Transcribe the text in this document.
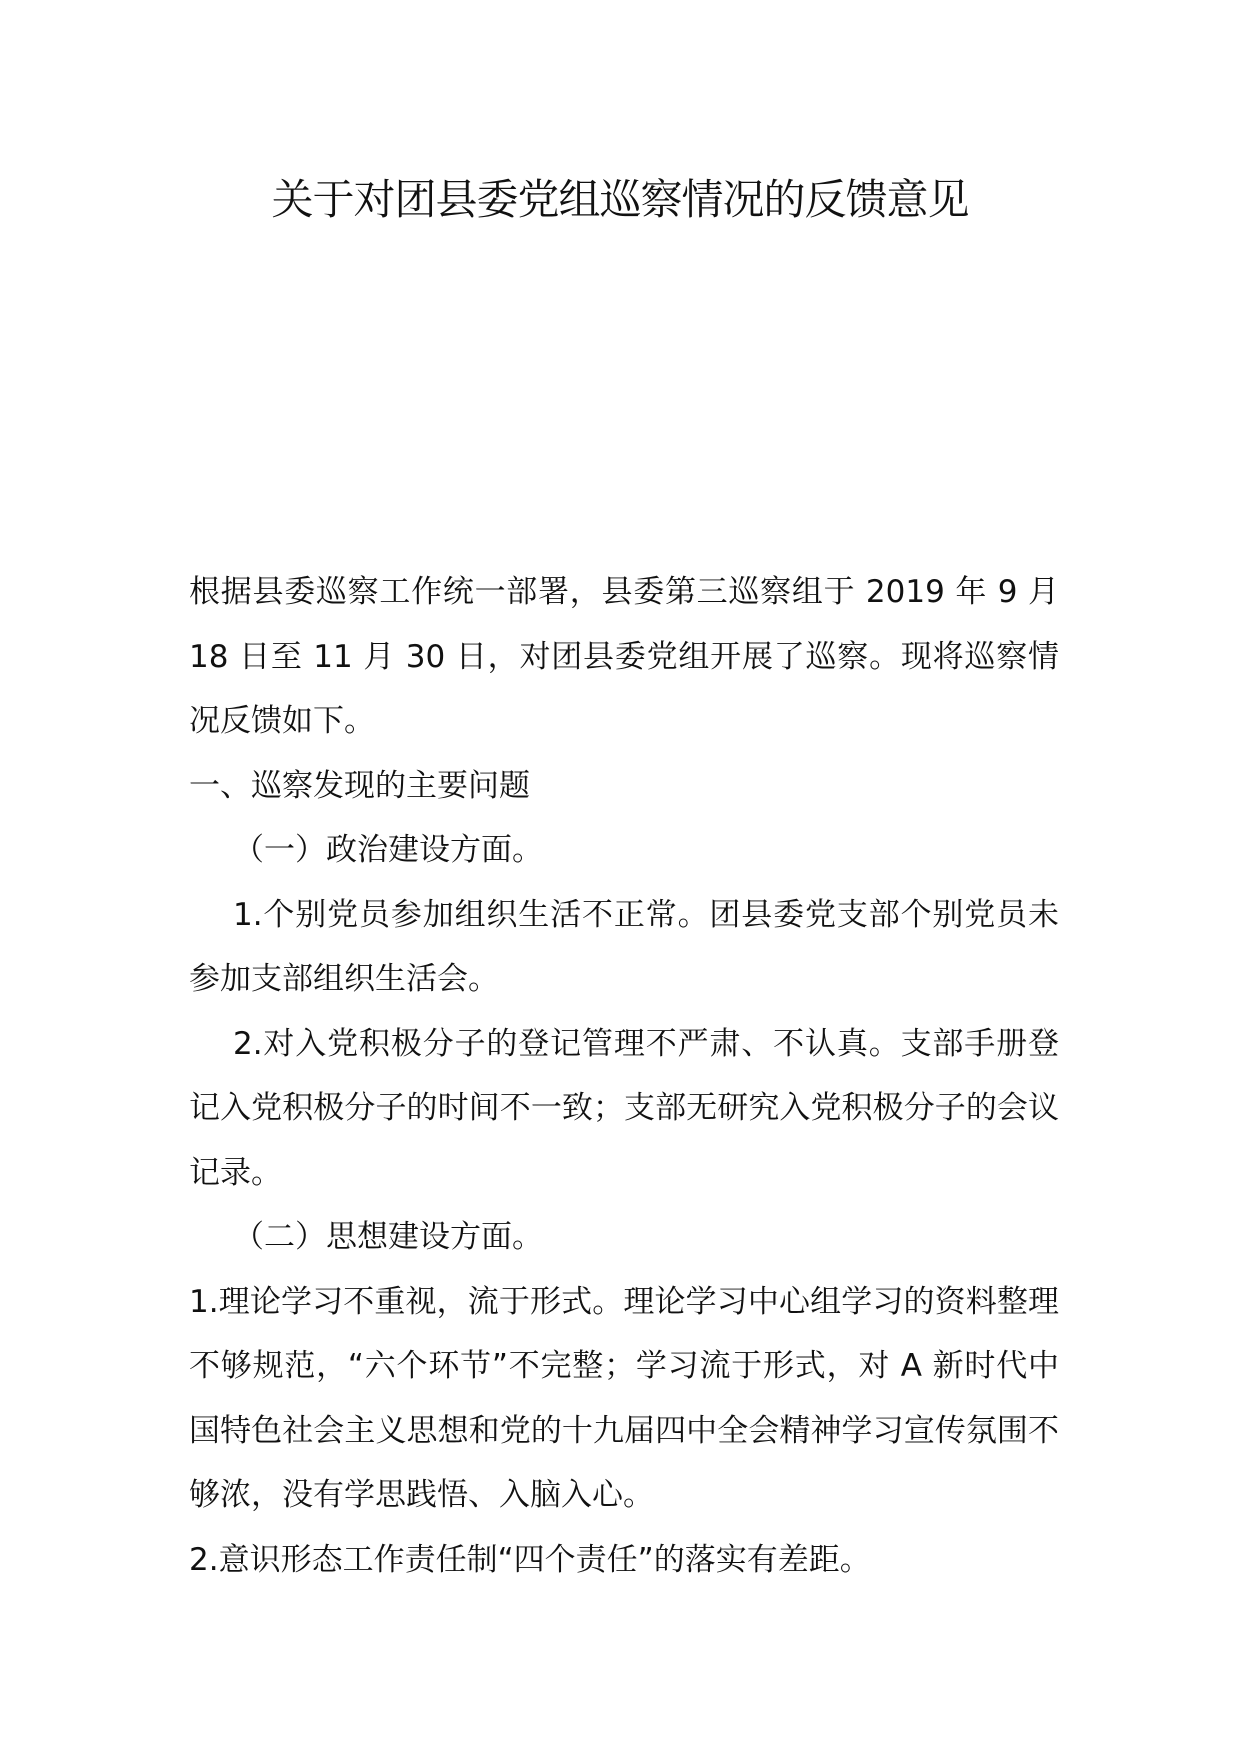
关于对团县委党组巡察情况的反馈意见

根据县委巡察工作统一部署，县委第三巡察组于 2019 年 9 月 18 日至 11 月 30 日，对团县委党组开展了巡察。现将巡察情况反馈如下。

一、巡察发现的主要问题

（一）政治建设方面。

1.个别党员参加组织生活不正常。团县委党支部个别党员未参加支部组织生活会。

2.对入党积极分子的登记管理不严肃、不认真。支部手册登记入党积极分子的时间不一致；支部无研究入党积极分子的会议记录。

（二）思想建设方面。

1.理论学习不重视，流于形式。理论学习中心组学习的资料整理不够规范，“六个环节”不完整；学习流于形式，对 A 新时代中国特色社会主义思想和党的十九届四中全会精神学习宣传氛围不够浓，没有学思践悟、入脑入心。

2.意识形态工作责任制“四个责任”的落实有差距。
